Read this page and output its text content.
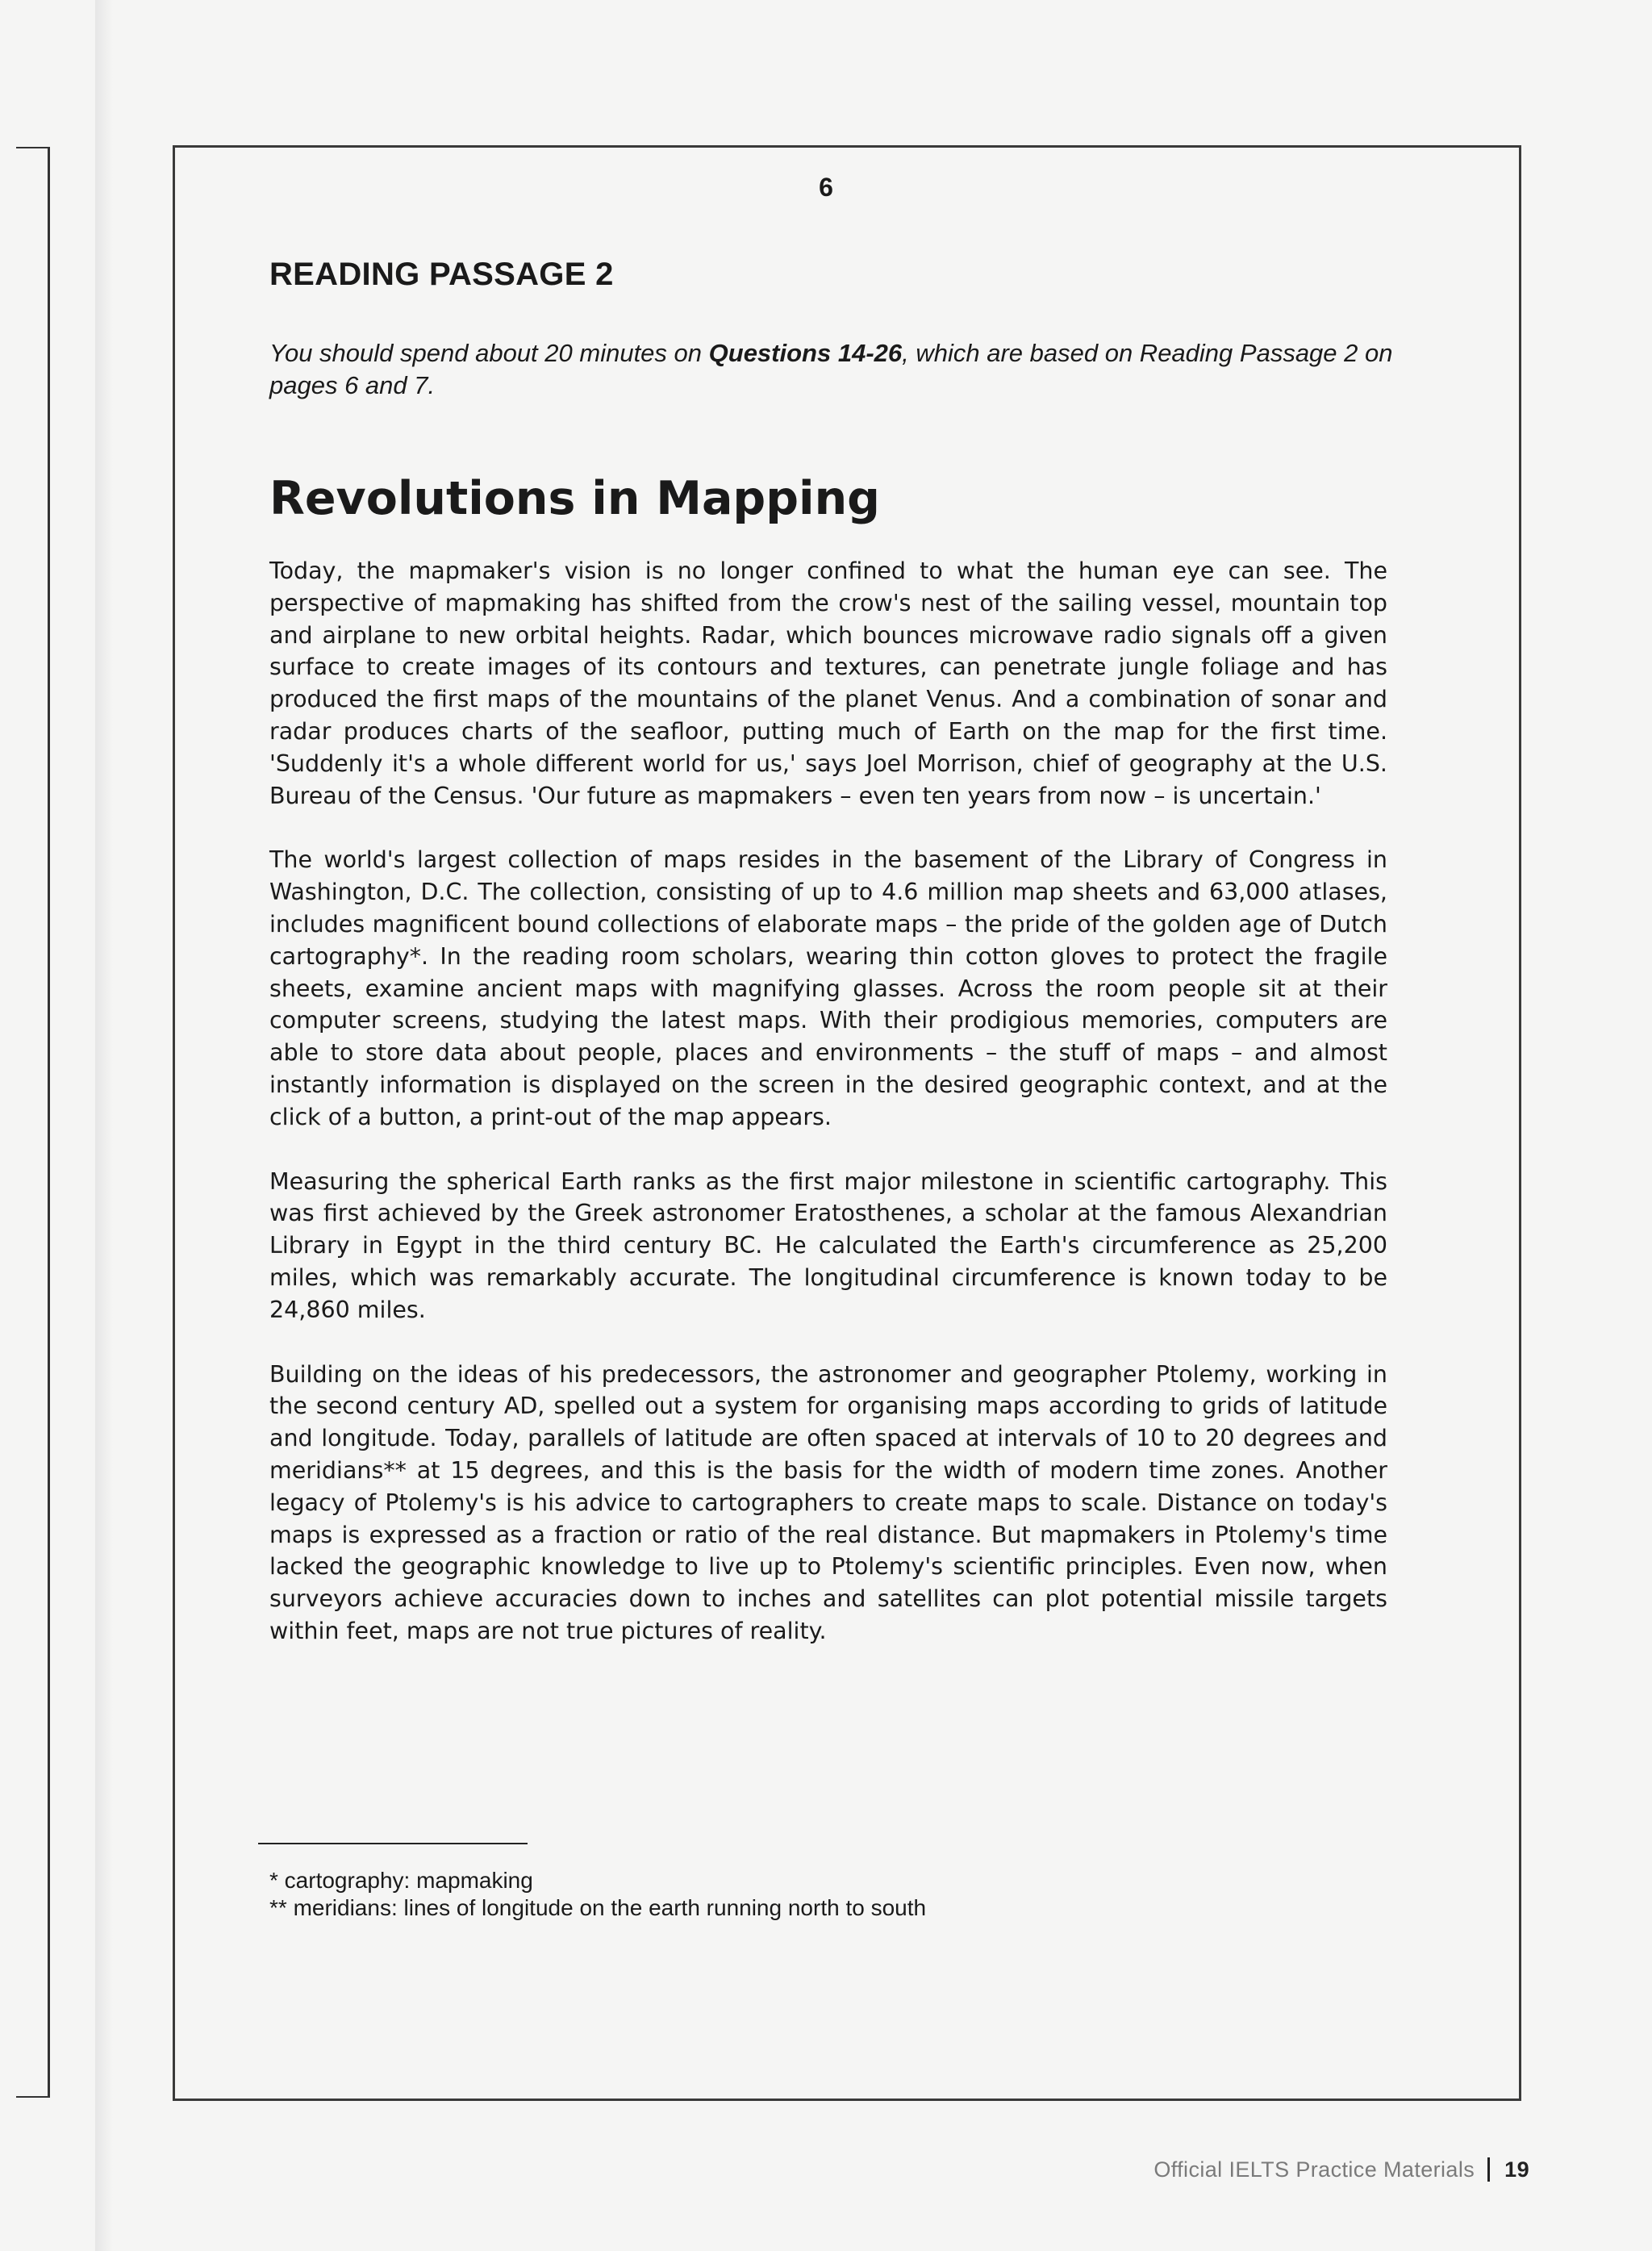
6
READING PASSAGE 2

You should spend about 20 minutes on Questions 14-26, which are based on Reading Passage 2 on pages 6 and 7.

Revolutions in Mapping

Today, the mapmaker's vision is no longer confined to what the human eye can see. The perspective of mapmaking has shifted from the crow's nest of the sailing vessel, mountain top and airplane to new orbital heights. Radar, which bounces microwave radio signals off a given surface to create images of its contours and textures, can penetrate jungle foliage and has produced the first maps of the mountains of the planet Venus. And a combination of sonar and radar produces charts of the seafloor, putting much of Earth on the map for the first time. 'Suddenly it's a whole different world for us,' says Joel Morrison, chief of geography at the U.S. Bureau of the Census. 'Our future as mapmakers – even ten years from now – is uncertain.'

The world's largest collection of maps resides in the basement of the Library of Congress in Washington, D.C. The collection, consisting of up to 4.6 million map sheets and 63,000 atlases, includes magnificent bound collections of elaborate maps – the pride of the golden age of Dutch cartography*. In the reading room scholars, wearing thin cotton gloves to protect the fragile sheets, examine ancient maps with magnifying glasses. Across the room people sit at their computer screens, studying the latest maps. With their prodigious memories, computers are able to store data about people, places and environments – the stuff of maps – and almost instantly information is displayed on the screen in the desired geographic context, and at the click of a button, a print-out of the map appears.

Measuring the spherical Earth ranks as the first major milestone in scientific cartography. This was first achieved by the Greek astronomer Eratosthenes, a scholar at the famous Alexandrian Library in Egypt in the third century BC. He calculated the Earth's circumference as 25,200 miles, which was remarkably accurate. The longitudinal circumference is known today to be 24,860 miles.

Building on the ideas of his predecessors, the astronomer and geographer Ptolemy, working in the second century AD, spelled out a system for organising maps according to grids of latitude and longitude. Today, parallels of latitude are often spaced at intervals of 10 to 20 degrees and meridians** at 15 degrees, and this is the basis for the width of modern time zones. Another legacy of Ptolemy's is his advice to cartographers to create maps to scale. Distance on today's maps is expressed as a fraction or ratio of the real distance. But mapmakers in Ptolemy's time lacked the geographic knowledge to live up to Ptolemy's scientific principles. Even now, when surveyors achieve accuracies down to inches and satellites can plot potential missile targets within feet, maps are not true pictures of reality.

* cartography: mapmaking

** meridians: lines of longitude on the earth running north to south

Official IELTS Practice Materials 19
